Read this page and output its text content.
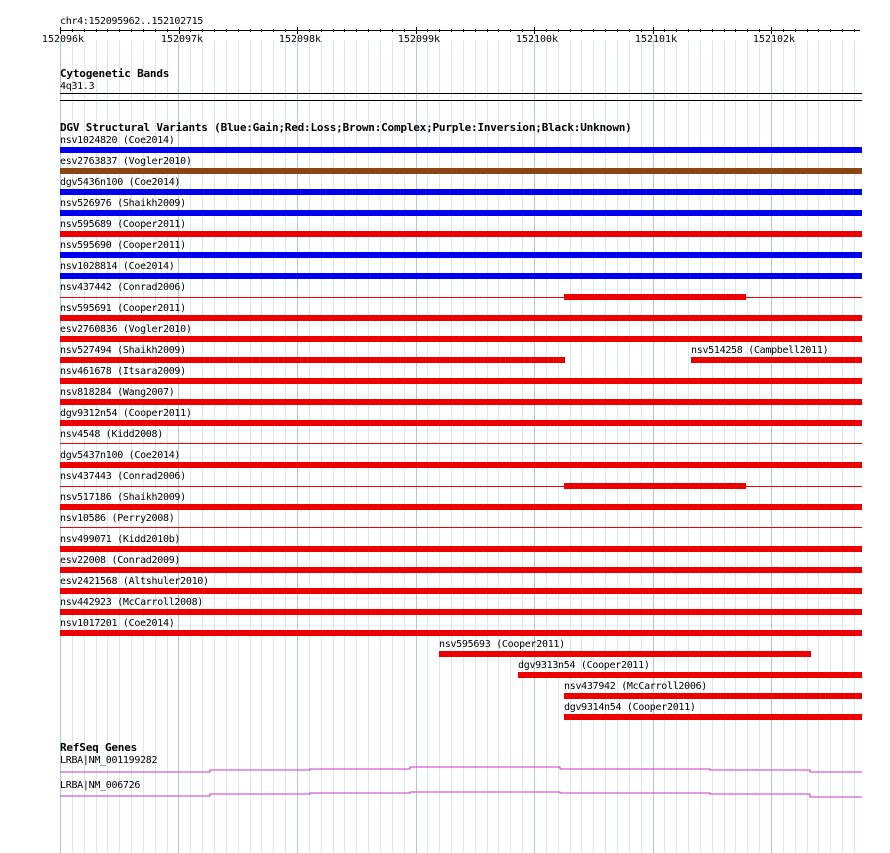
chr4:152095962..152102715
152096k	152097k	152098k	152099k	152100k	152101k	152102k
Cytogenetic Bands
4q31.3
DGV Structural Variants (Blue:Gain;Red:Loss;Brown:Complex;Purple:Inversion;Black:Unknown)
nsv1024820 (Coe2014)
esv2763837 (Vogler2010)
dgv5436n100 (Coe2014)
nsv526976 (Shaikh2009)
nsv595689 (Cooper2011)
nsv595690 (Cooper2011)
nsv1028814 (Coe2014)
nsv437442 (Conrad2006)
nsv595691 (Cooper2011)
esv2760836 (Vogler2010)
nsv527494 (Shaikh2009)	nsv514258 (Campbell2011)
nsv461678 (Itsara2009)
nsv818284 (Wang2007)
dgv9312n54 (Cooper2011)
nsv4548 (Kidd2008)
dgv5437n100 (Coe2014)
nsv437443 (Conrad2006)
nsv517186 (Shaikh2009)
nsv10586 (Perry2008)
nsv499071 (Kidd2010b)
esv22008 (Conrad2009)
esv2421568 (Altshuler2010)
nsv442923 (McCarroll2008)
nsv1017201 (Coe2014)
nsv595693 (Cooper2011)
dgv9313n54 (Cooper2011)
nsv437942 (McCarroll2006)
dgv9314n54 (Cooper2011)
RefSeq Genes
LRBA|NM_001199282
LRBA|NM_006726
